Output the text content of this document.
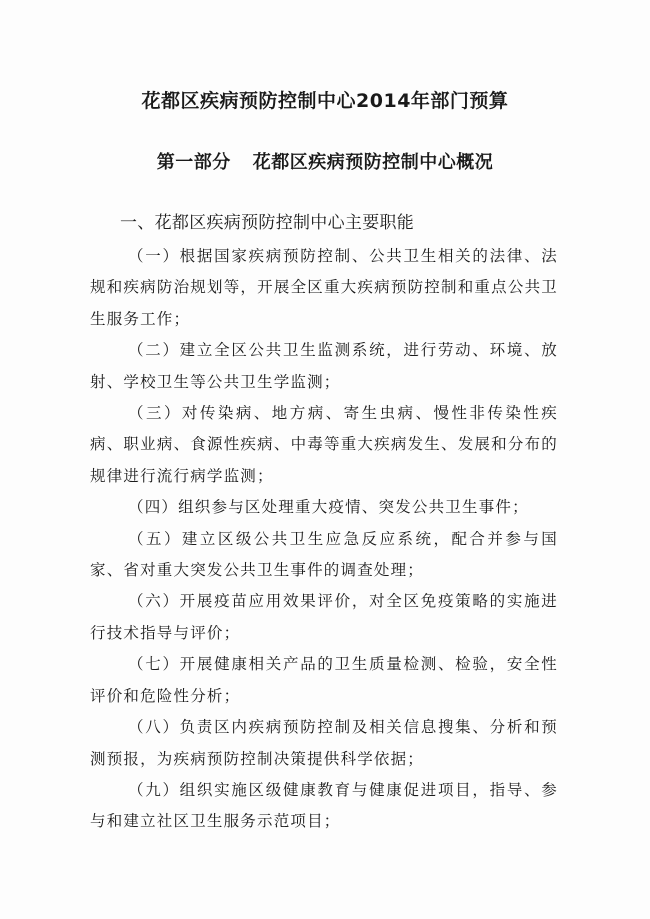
花都区疾病预防控制中心2014年部门预算
第一部分 花都区疾病预防控制中心概况
一、花都区疾病预防控制中心主要职能

（一）根据国家疾病预防控制、公共卫生相关的法律、法规和疾病防治规划等，开展全区重大疾病预防控制和重点公共卫生服务工作；

（二）建立全区公共卫生监测系统，进行劳动、环境、放射、学校卫生等公共卫生学监测；

（三）对传染病、地方病、寄生虫病、慢性非传染性疾病、职业病、食源性疾病、中毒等重大疾病发生、发展和分布的规律进行流行病学监测；

（四）组织参与区处理重大疫情、突发公共卫生事件；

（五）建立区级公共卫生应急反应系统，配合并参与国家、省对重大突发公共卫生事件的调查处理；

（六）开展疫苗应用效果评价，对全区免疫策略的实施进行技术指导与评价；

（七）开展健康相关产品的卫生质量检测、检验，安全性评价和危险性分析；

（八）负责区内疾病预防控制及相关信息搜集、分析和预测预报，为疾病预防控制决策提供科学依据；

（九）组织实施区级健康教育与健康促进项目，指导、参与和建立社区卫生服务示范项目；
